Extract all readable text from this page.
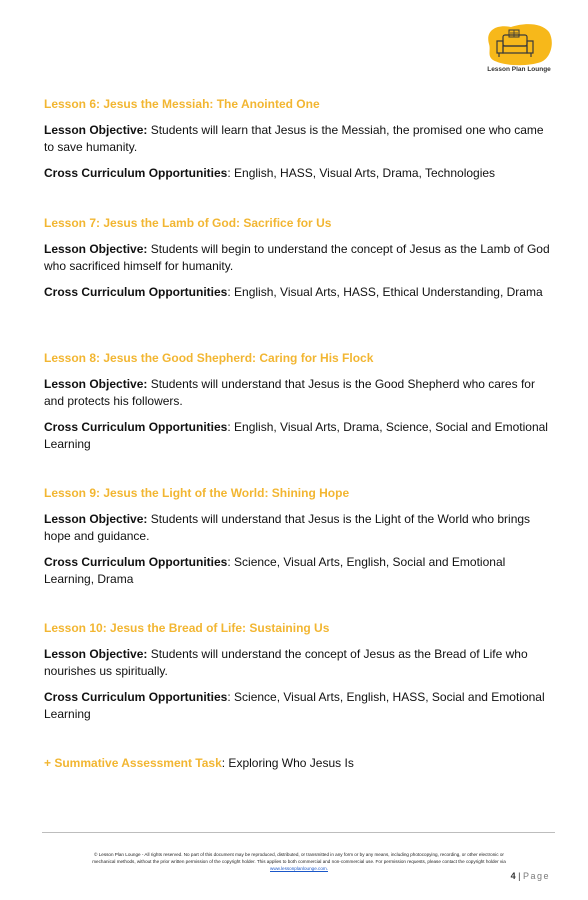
Lesson Plan Lounge

Lesson 6: Jesus the Messiah: The Anointed One

Lesson Objective: Students will learn that Jesus is the Messiah, the promised one who came to save humanity.

Cross Curriculum Opportunities: English, HASS, Visual Arts, Drama, Technologies

Lesson 7: Jesus the Lamb of God: Sacrifice for Us

Lesson Objective: Students will begin to understand the concept of Jesus as the Lamb of God who sacrificed himself for humanity.

Cross Curriculum Opportunities: English, Visual Arts, HASS, Ethical Understanding, Drama

Lesson 8: Jesus the Good Shepherd: Caring for His Flock

Lesson Objective: Students will understand that Jesus is the Good Shepherd who cares for and protects his followers.

Cross Curriculum Opportunities: English, Visual Arts, Drama, Science, Social and Emotional Learning

Lesson 9: Jesus the Light of the World: Shining Hope

Lesson Objective: Students will understand that Jesus is the Light of the World who brings hope and guidance.

Cross Curriculum Opportunities: Science, Visual Arts, English, Social and Emotional Learning, Drama

Lesson 10: Jesus the Bread of Life: Sustaining Us

Lesson Objective: Students will understand the concept of Jesus as the Bread of Life who nourishes us spiritually.

Cross Curriculum Opportunities: Science, Visual Arts, English, HASS, Social and Emotional Learning

+ Summative Assessment Task: Exploring Who Jesus Is

© Lesson Plan Lounge - All rights reserved. No part of this document may be reproduced, distributed, or transmitted in any form or by any means, including photocopying, recording, or other electronic or
mechanical methods, without the prior written permission of the copyright holder. This applies to both commercial and non-commercial use. For permission requests, please contact the copyright holder via

www.lessonplanlounge.com.

4 | Page
